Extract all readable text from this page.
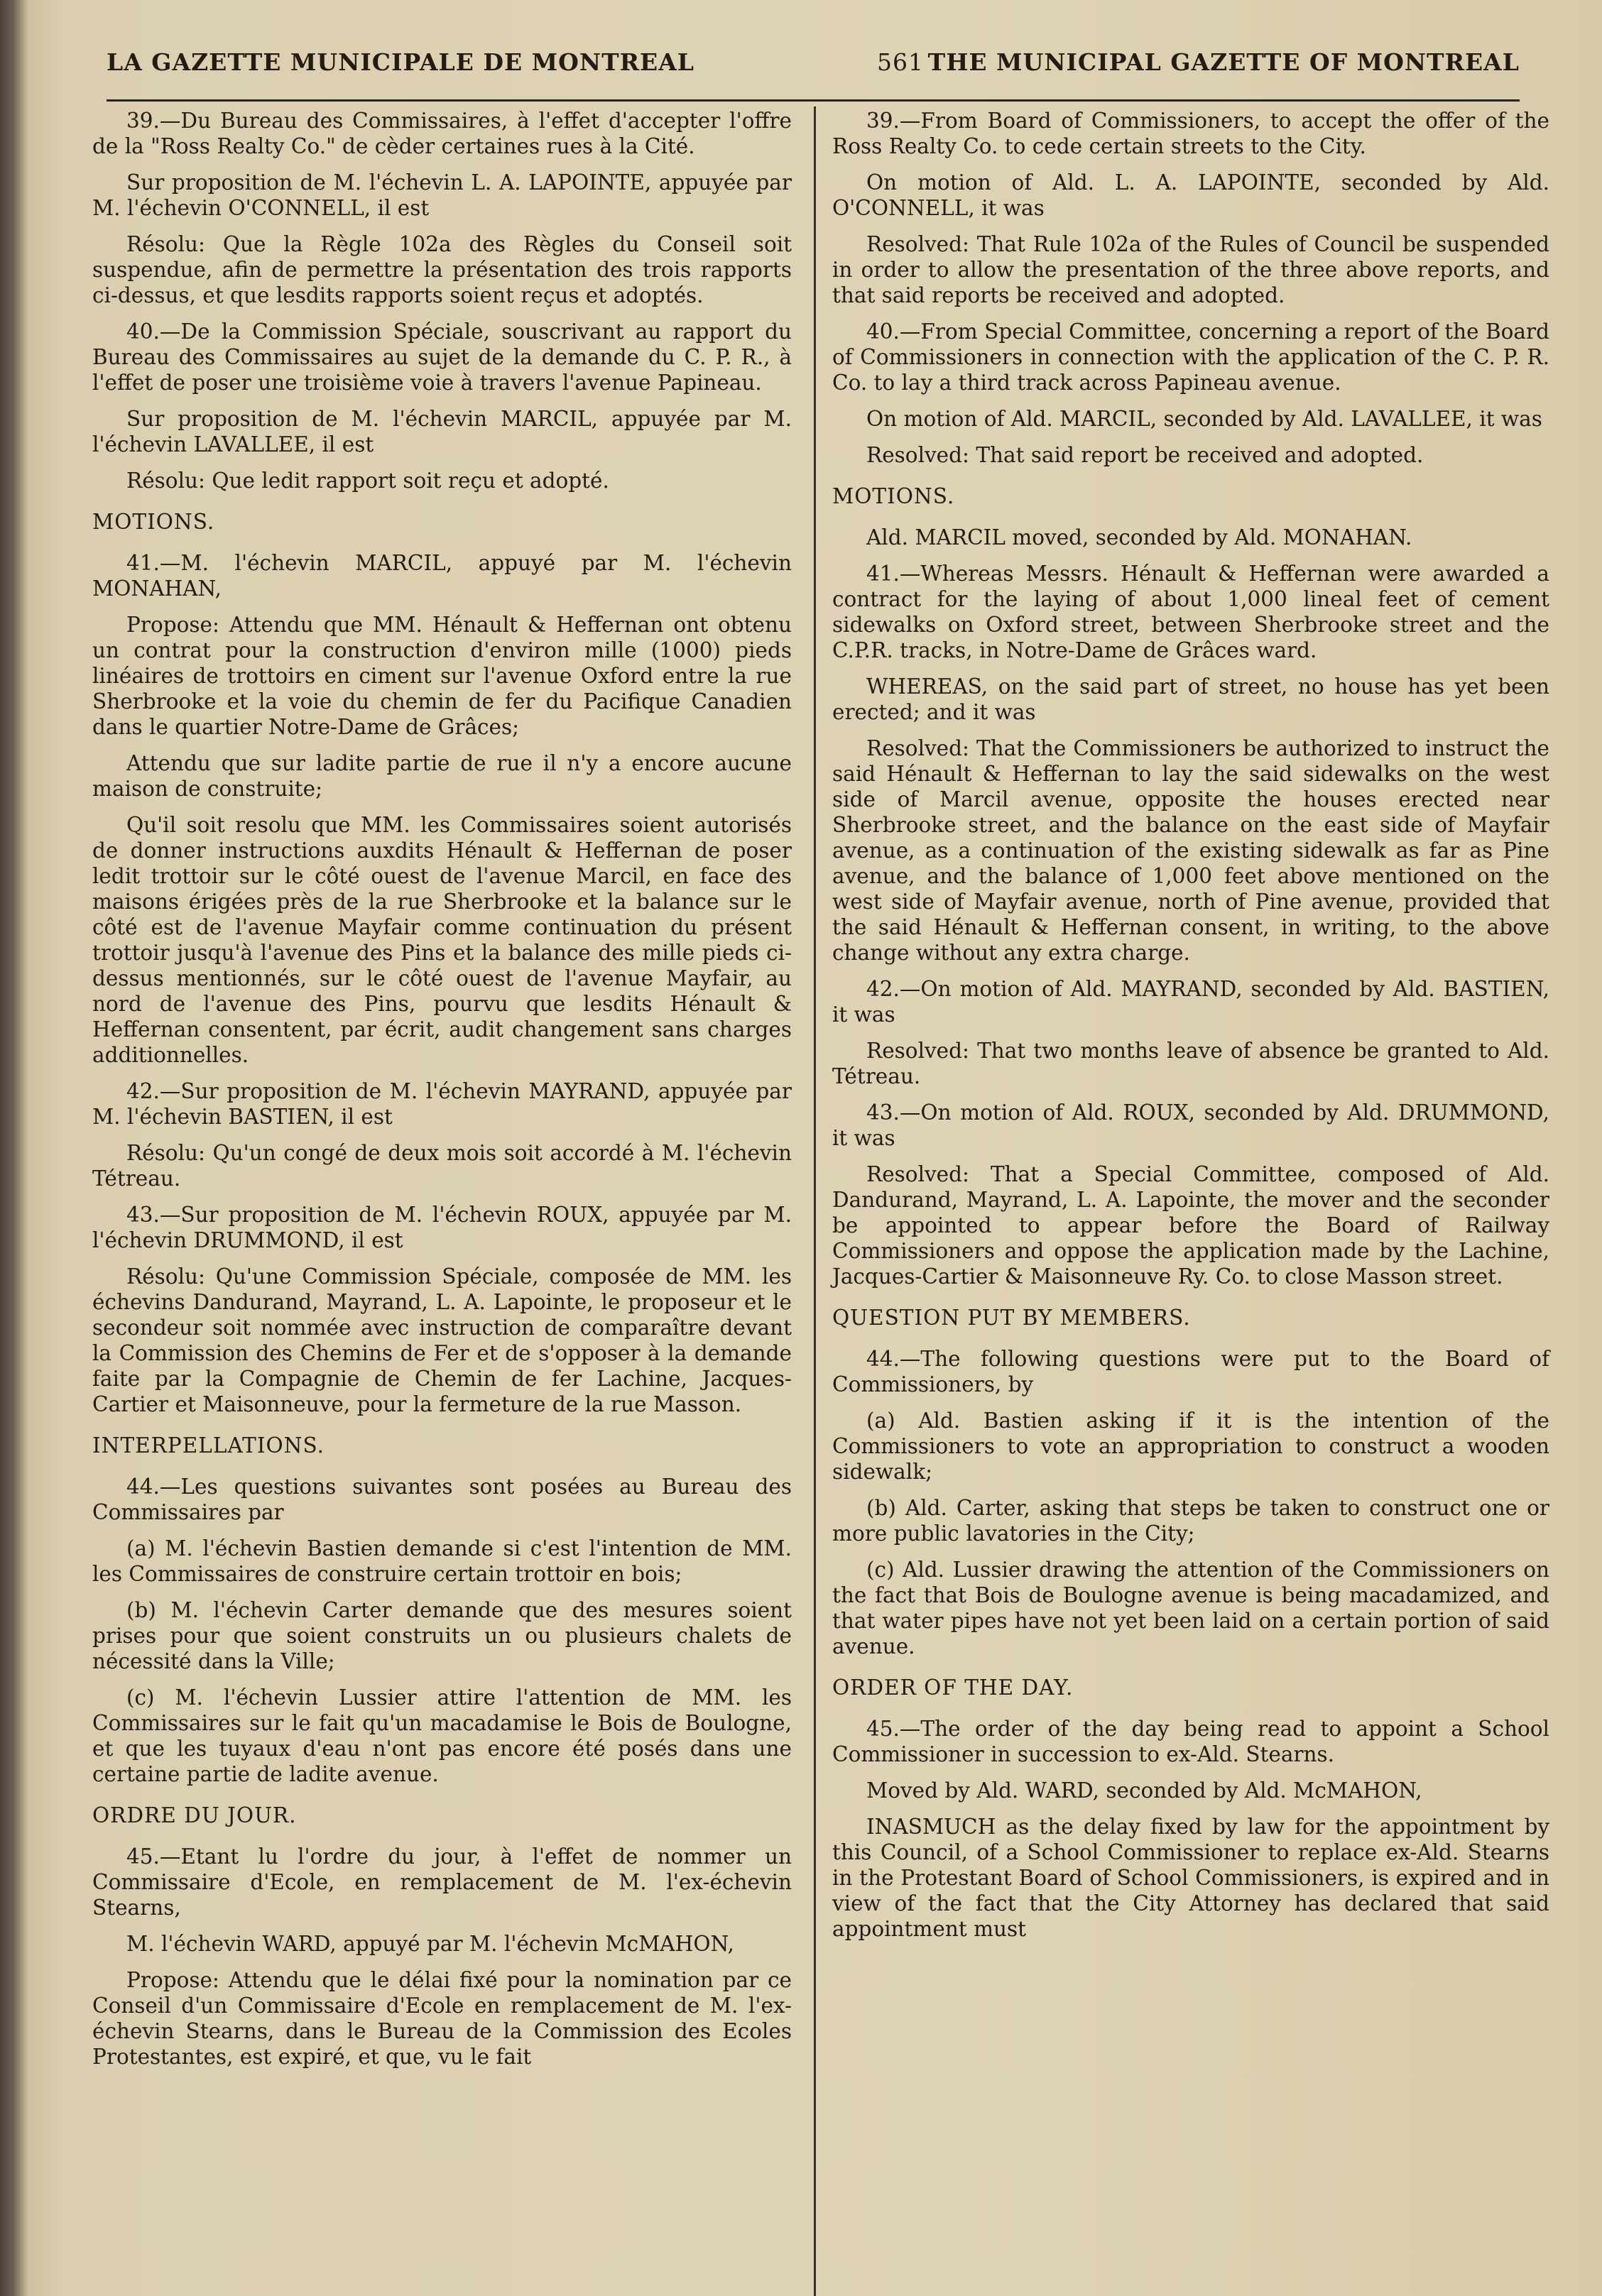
LA GAZETTE MUNICIPALE DE MONTREAL	561 THE MUNICIPAL GAZETTE OF MONTREAL

39.—Du Bureau des Commissaires, à l'effet d'accepter l'offre de la "Ross Realty Co." de cèder certaines rues à la Cité.

Sur proposition de M. l'échevin L. A. LAPOINTE, appuyée par M. l'échevin O'CONNELL, il est

Résolu: Que la Règle 102a des Règles du Conseil soit suspendue, afin de permettre la présentation des trois rapports ci-dessus, et que lesdits rapports soient reçus et adoptés.

40.—De la Commission Spéciale, souscrivant au rapport du Bureau des Commissaires au sujet de la demande du C. P. R., à l'effet de poser une troisième voie à travers l'avenue Papineau.

Sur proposition de M. l'échevin MARCIL, appuyée par M. l'échevin LAVALLEE, il est

Résolu: Que ledit rapport soit reçu et adopté.

MOTIONS.

41.—M. l'échevin MARCIL, appuyé par M. l'échevin MONAHAN,

Propose: Attendu que MM. Hénault & Heffernan ont obtenu un contrat pour la construction d'environ mille (1000) pieds linéaires de trottoirs en ciment sur l'avenue Oxford entre la rue Sherbrooke et la voie du chemin de fer du Pacifique Canadien dans le quartier Notre-Dame de Grâces;

Attendu que sur ladite partie de rue il n'y a encore aucune maison de construite;

Qu'il soit resolu que MM. les Commissaires soient autorisés de donner instructions auxdits Hénault & Heffernan de poser ledit trottoir sur le côté ouest de l'avenue Marcil, en face des maisons érigées près de la rue Sherbrooke et la balance sur le côté est de l'avenue Mayfair comme continuation du présent trottoir jusqu'à l'avenue des Pins et la balance des mille pieds ci-dessus mentionnés, sur le côté ouest de l'avenue Mayfair, au nord de l'avenue des Pins, pourvu que lesdits Hénault & Heffernan consentent, par écrit, audit changement sans charges additionnelles.

42.—Sur proposition de M. l'échevin MAYRAND, appuyée par M. l'échevin BASTIEN, il est

Résolu: Qu'un congé de deux mois soit accordé à M. l'échevin Tétreau.

43.—Sur proposition de M. l'échevin ROUX, appuyée par M. l'échevin DRUMMOND, il est

Résolu: Qu'une Commission Spéciale, composée de MM. les échevins Dandurand, Mayrand, L. A. Lapointe, le proposeur et le secondeur soit nommée avec instruction de comparaître devant la Commission des Chemins de Fer et de s'opposer à la demande faite par la Compagnie de Chemin de fer Lachine, Jacques-Cartier et Maisonneuve, pour la fermeture de la rue Masson.

INTERPELLATIONS.

44.—Les questions suivantes sont posées au Bureau des Commissaires par

(a) M. l'échevin Bastien demande si c'est l'intention de MM. les Commissaires de construire certain trottoir en bois;

(b) M. l'échevin Carter demande que des mesures soient prises pour que soient construits un ou plusieurs chalets de nécessité dans la Ville;

(c) M. l'échevin Lussier attire l'attention de MM. les Commissaires sur le fait qu'un macadamise le Bois de Boulogne, et que les tuyaux d'eau n'ont pas encore été posés dans une certaine partie de ladite avenue.

ORDRE DU JOUR.

45.—Etant lu l'ordre du jour, à l'effet de nommer un Commissaire d'Ecole, en remplacement de M. l'ex-échevin Stearns,

M. l'échevin WARD, appuyé par M. l'échevin McMAHON,

Propose: Attendu que le délai fixé pour la nomination par ce Conseil d'un Commissaire d'Ecole en remplacement de M. l'ex-échevin Stearns, dans le Bureau de la Commission des Ecoles Protestantes, est expiré, et que, vu le fait

39.—From Board of Commissioners, to accept the offer of the Ross Realty Co. to cede certain streets to the City.

On motion of Ald. L. A. LAPOINTE, seconded by Ald. O'CONNELL, it was

Resolved: That Rule 102a of the Rules of Council be suspended in order to allow the presentation of the three above reports, and that said reports be received and adopted.

40.—From Special Committee, concerning a report of the Board of Commissioners in connection with the application of the C. P. R. Co. to lay a third track across Papineau avenue.

On motion of Ald. MARCIL, seconded by Ald. LAVALLEE, it was

Resolved: That said report be received and adopted.

MOTIONS.

Ald. MARCIL moved, seconded by Ald. MONAHAN.

41.—Whereas Messrs. Hénault & Heffernan were awarded a contract for the laying of about 1,000 lineal feet of cement sidewalks on Oxford street, between Sherbrooke street and the C.P.R. tracks, in Notre-Dame de Grâces ward.

WHEREAS, on the said part of street, no house has yet been erected; and it was

Resolved: That the Commissioners be authorized to instruct the said Hénault & Heffernan to lay the said sidewalks on the west side of Marcil avenue, opposite the houses erected near Sherbrooke street, and the balance on the east side of Mayfair avenue, as a continuation of the existing sidewalk as far as Pine avenue, and the balance of 1,000 feet above mentioned on the west side of Mayfair avenue, north of Pine avenue, provided that the said Hénault & Heffernan consent, in writing, to the above change without any extra charge.

42.—On motion of Ald. MAYRAND, seconded by Ald. BASTIEN, it was

Resolved: That two months leave of absence be granted to Ald. Tétreau.

43.—On motion of Ald. ROUX, seconded by Ald. DRUMMOND, it was

Resolved: That a Special Committee, composed of Ald. Dandurand, Mayrand, L. A. Lapointe, the mover and the seconder be appointed to appear before the Board of Railway Commissioners and oppose the application made by the Lachine, Jacques-Cartier & Maisonneuve Ry. Co. to close Masson street.

QUESTION PUT BY MEMBERS.

44.—The following questions were put to the Board of Commissioners, by

(a) Ald. Bastien asking if it is the intention of the Commissioners to vote an appropriation to construct a wooden sidewalk;

(b) Ald. Carter, asking that steps be taken to construct one or more public lavatories in the City;

(c) Ald. Lussier drawing the attention of the Commissioners on the fact that Bois de Boulogne avenue is being macadamized, and that water pipes have not yet been laid on a certain portion of said avenue.

ORDER OF THE DAY.

45.—The order of the day being read to appoint a School Commissioner in succession to ex-Ald. Stearns.

Moved by Ald. WARD, seconded by Ald. McMAHON,

INASMUCH as the delay fixed by law for the appointment by this Council, of a School Commissioner to replace ex-Ald. Stearns in the Protestant Board of School Commissioners, is expired and in view of the fact that the City Attorney has declared that said appointment must
